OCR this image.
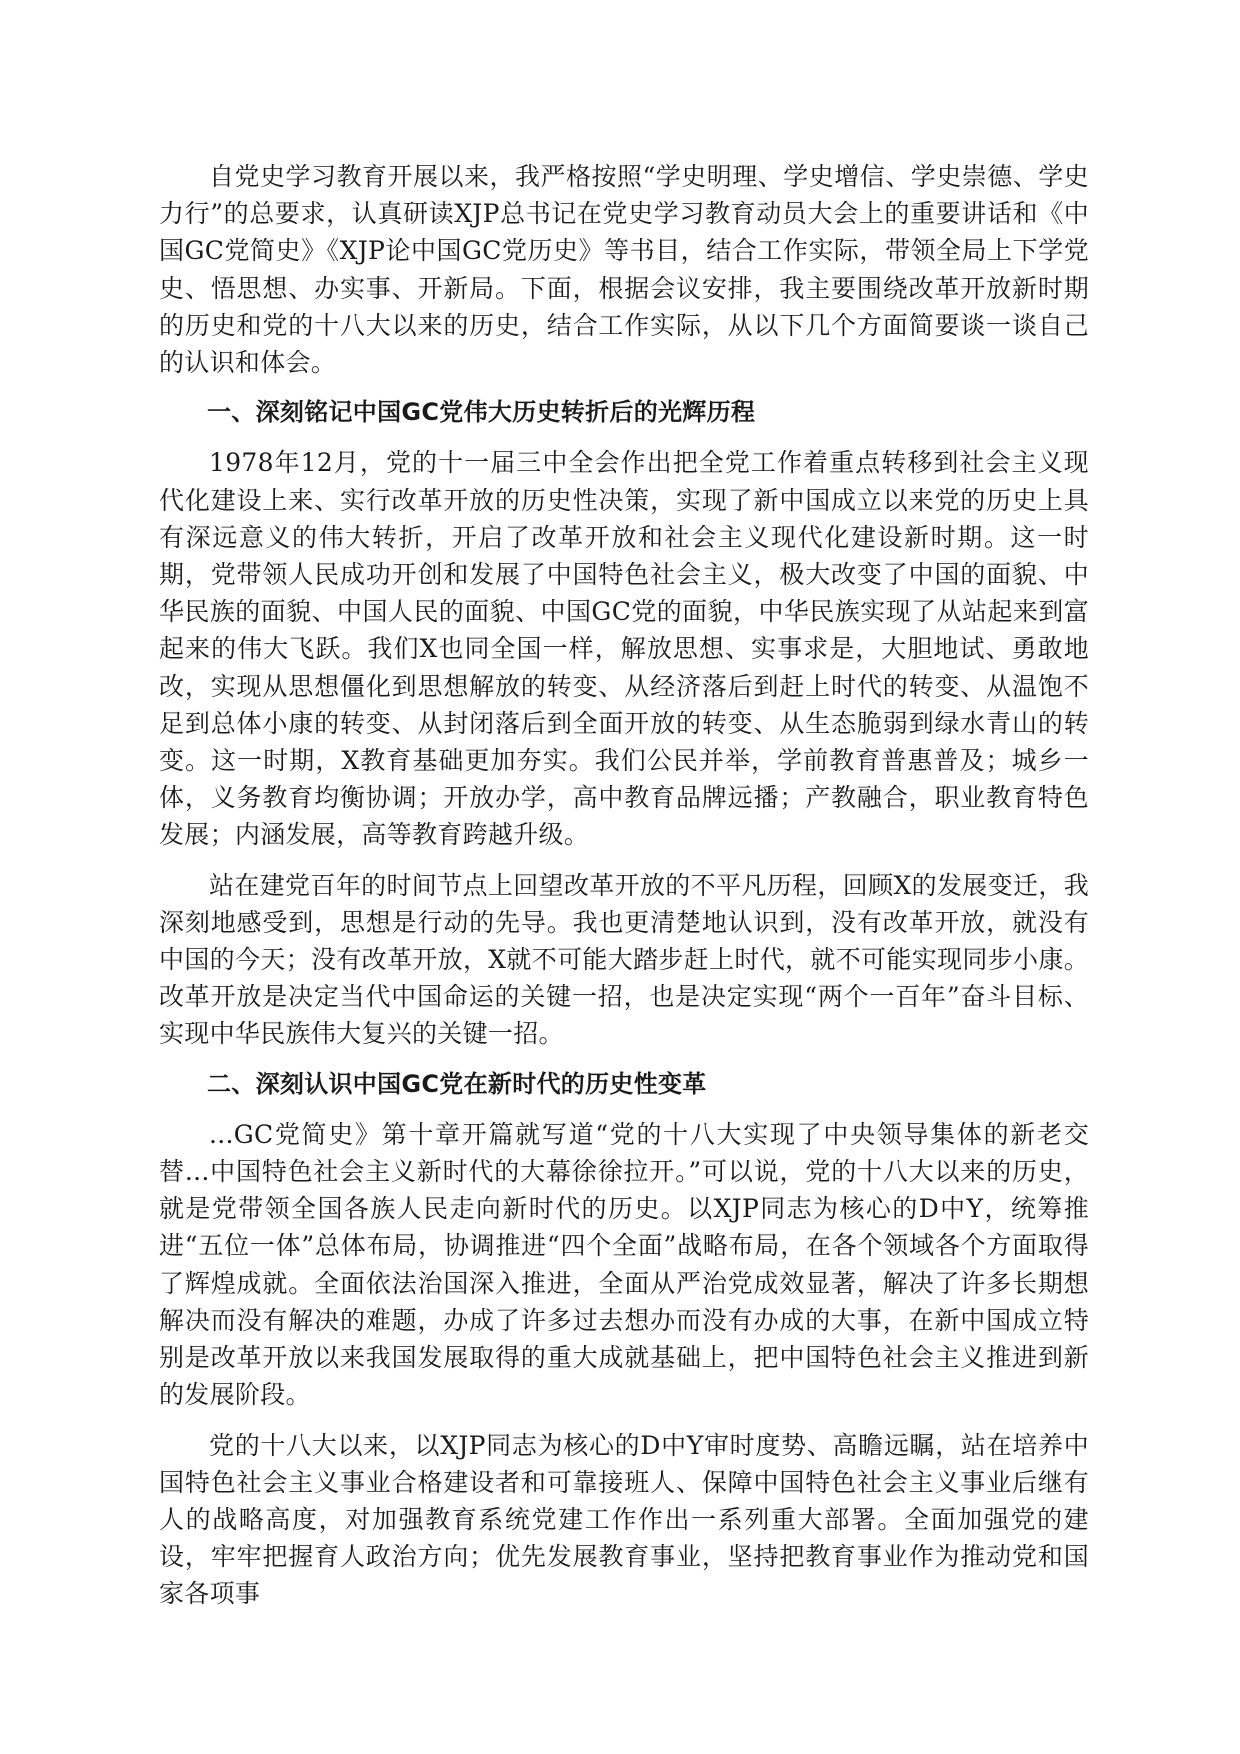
自党史学习教育开展以来，我严格按照“学史明理、学史增信、学史崇德、学史力行”的总要求，认真研读XJP总书记在党史学习教育动员大会上的重要讲话和《中国GC党简史》《XJP论中国GC党历史》等书目，结合工作实际，带领全局上下学党史、悟思想、办实事、开新局。下面，根据会议安排，我主要围绕改革开放新时期的历史和党的十八大以来的历史，结合工作实际，从以下几个方面简要谈一谈自己的认识和体会。

一、深刻铭记中国GC党伟大历史转折后的光辉历程

1978年12月，党的十一届三中全会作出把全党工作着重点转移到社会主义现代化建设上来、实行改革开放的历史性决策，实现了新中国成立以来党的历史上具有深远意义的伟大转折，开启了改革开放和社会主义现代化建设新时期。这一时期，党带领人民成功开创和发展了中国特色社会主义，极大改变了中国的面貌、中华民族的面貌、中国人民的面貌、中国GC党的面貌，中华民族实现了从站起来到富起来的伟大飞跃。我们X也同全国一样，解放思想、实事求是，大胆地试、勇敢地改，实现从思想僵化到思想解放的转变、从经济落后到赶上时代的转变、从温饱不足到总体小康的转变、从封闭落后到全面开放的转变、从生态脆弱到绿水青山的转变。这一时期，X教育基础更加夯实。我们公民并举，学前教育普惠普及；城乡一体，义务教育均衡协调；开放办学，高中教育品牌远播；产教融合，职业教育特色发展；内涵发展，高等教育跨越升级。

站在建党百年的时间节点上回望改革开放的不平凡历程，回顾X的发展变迁，我深刻地感受到，思想是行动的先导。我也更清楚地认识到，没有改革开放，就没有中国的今天；没有改革开放，X就不可能大踏步赶上时代，就不可能实现同步小康。改革开放是决定当代中国命运的关键一招，也是决定实现“两个一百年”奋斗目标、实现中华民族伟大复兴的关键一招。

二、深刻认识中国GC党在新时代的历史性变革

...GC党简史》第十章开篇就写道“党的十八大实现了中央领导集体的新老交替...中国特色社会主义新时代的大幕徐徐拉开。”可以说，党的十八大以来的历史，就是党带领全国各族人民走向新时代的历史。以XJP同志为核心的D中Y，统筹推进“五位一体”总体布局，协调推进“四个全面”战略布局，在各个领域各个方面取得了辉煌成就。全面依法治国深入推进，全面从严治党成效显著，解决了许多长期想解决而没有解决的难题，办成了许多过去想办而没有办成的大事，在新中国成立特别是改革开放以来我国发展取得的重大成就基础上，把中国特色社会主义推进到新的发展阶段。

党的十八大以来，以XJP同志为核心的D中Y审时度势、高瞻远瞩，站在培养中国特色社会主义事业合格建设者和可靠接班人、保障中国特色社会主义事业后继有人的战略高度，对加强教育系统党建工作作出一系列重大部署。全面加强党的建设，牢牢把握育人政治方向；优先发展教育事业，坚持把教育事业作为推动党和国家各项事
